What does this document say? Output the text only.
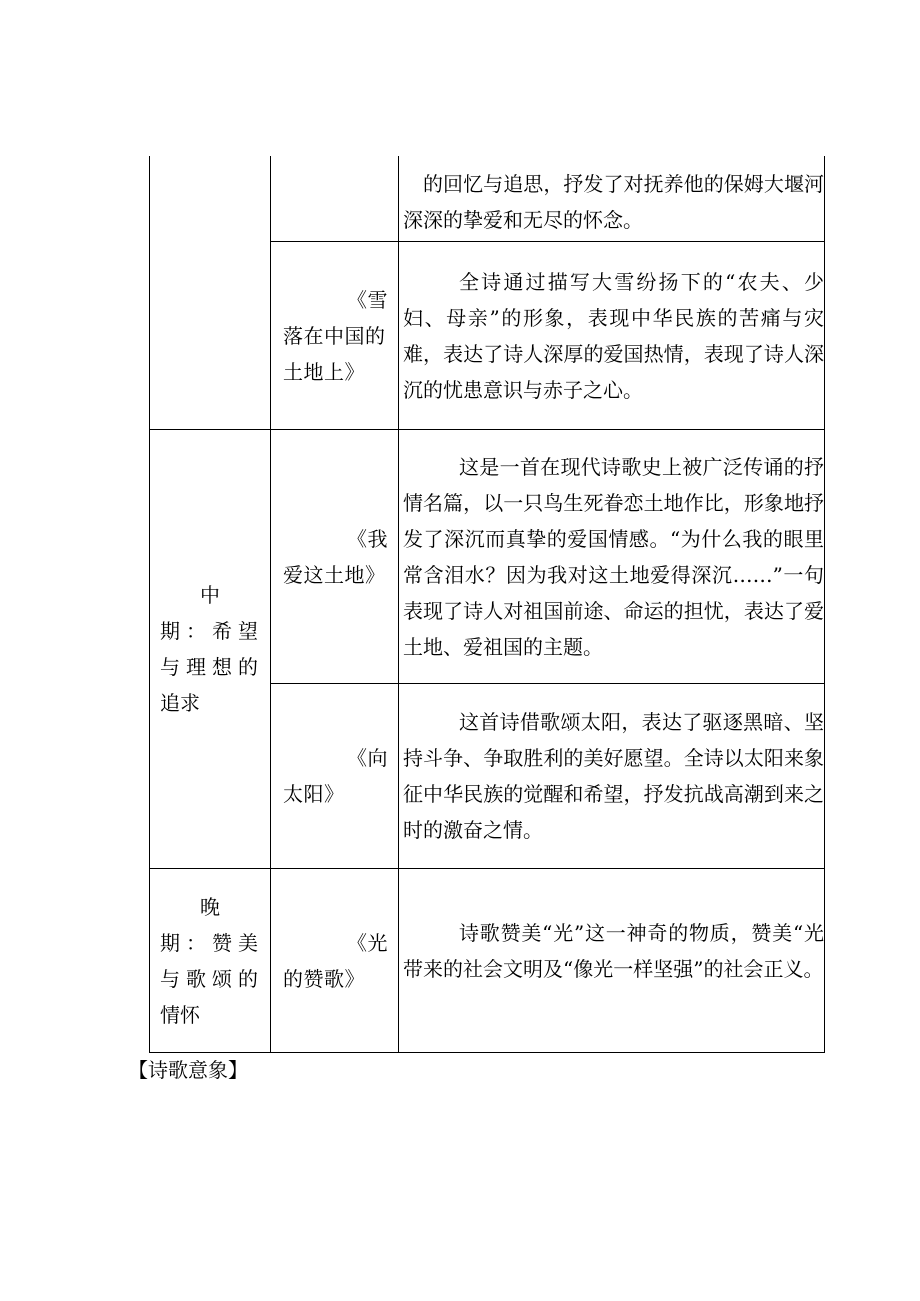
		的回忆与追思，抒发了对抚养他的保姆大堰河深深的挚爱和无尽的怀念。

	《雪落在中国的土地上》	全诗通过描写大雪纷扬下的“农夫、少妇、母亲”的形象，表现中华民族的苦痛与灾难，表达了诗人深厚的爱国热情，表现了诗人深沉的忧患意识与赤子之心。

中期：希望与理想的追求	《我爱这土地》	这是一首在现代诗歌史上被广泛传诵的抒情名篇，以一只鸟生死眷恋土地作比，形象地抒发了深沉而真挚的爱国情感。“为什么我的眼里常含泪水？因为我对这土地爱得深沉……”一句表现了诗人对祖国前途、命运的担忧，表达了爱土地、爱祖国的主题。

	《向太阳》	这首诗借歌颂太阳，表达了驱逐黑暗、坚持斗争、争取胜利的美好愿望。全诗以太阳来象征中华民族的觉醒和希望，抒发抗战高潮到来之时的激奋之情。

晚期：赞美与歌颂的情怀	《光的赞歌》	诗歌赞美“光”这一神奇的物质，赞美“光带来的社会文明及“像光一样坚强”的社会正义。
【诗歌意象】
